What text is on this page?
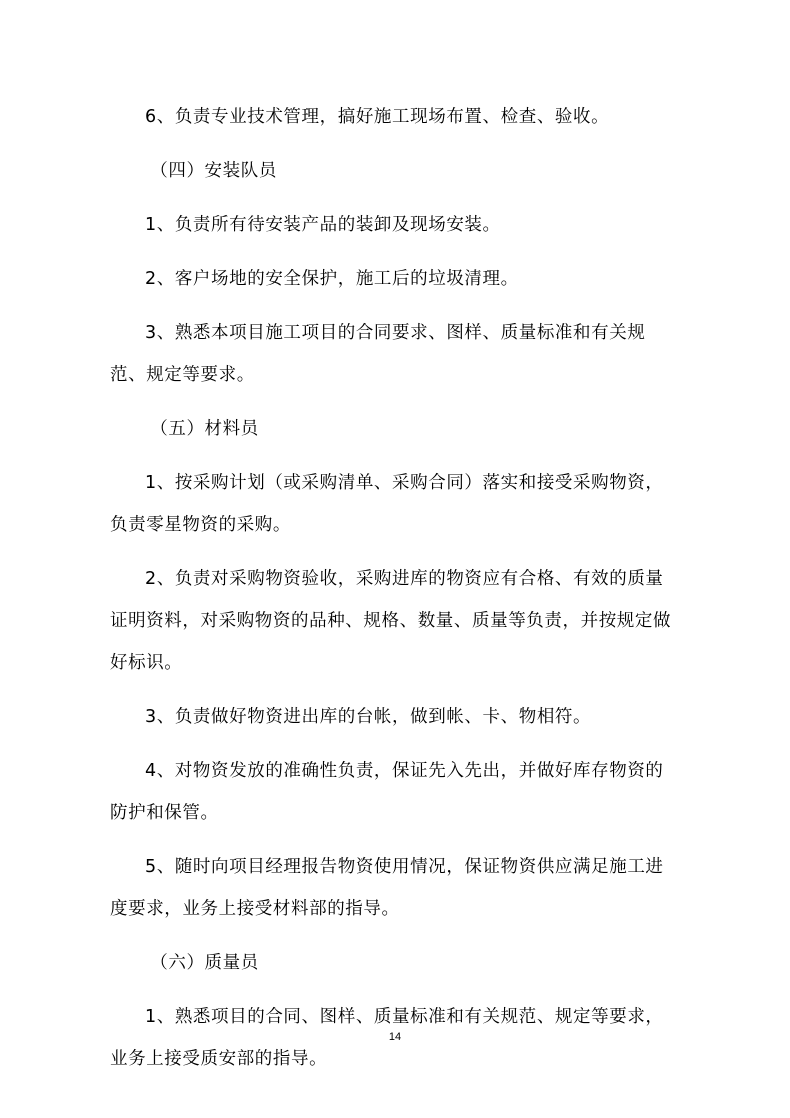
6、负责专业技术管理，搞好施工现场布置、检查、验收。

（四）安装队员

1、负责所有待安装产品的装卸及现场安装。

2、客户场地的安全保护，施工后的垃圾清理。

3、熟悉本项目施工项目的合同要求、图样、质量标准和有关规范、规定等要求。

（五）材料员

1、按采购计划（或采购清单、采购合同）落实和接受采购物资，负责零星物资的采购。

2、负责对采购物资验收，采购进库的物资应有合格、有效的质量证明资料，对采购物资的品种、规格、数量、质量等负责，并按规定做好标识。

3、负责做好物资进出库的台帐，做到帐、卡、物相符。

4、对物资发放的准确性负责，保证先入先出，并做好库存物资的防护和保管。

5、随时向项目经理报告物资使用情况，保证物资供应满足施工进度要求，业务上接受材料部的指导。

（六）质量员

1、熟悉项目的合同、图样、质量标准和有关规范、规定等要求，业务上接受质安部的指导。

14
